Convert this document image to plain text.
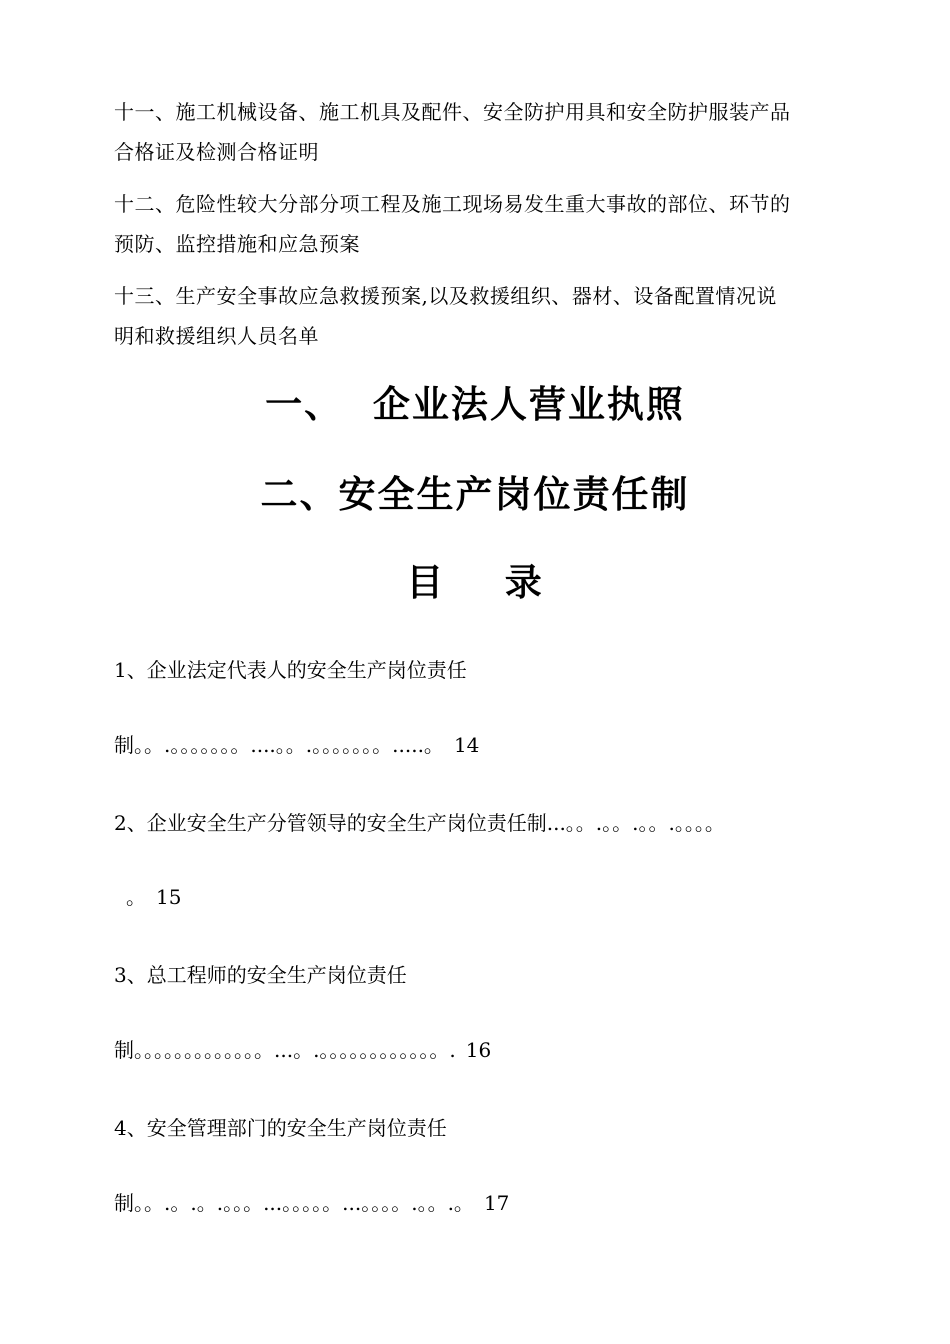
十一、施工机械设备、施工机具及配件、安全防护用具和安全防护服装产品
合格证及检测合格证明

十二、危险性较大分部分项工程及施工现场易发生重大事故的部位、环节的
预防、监控措施和应急预案

十三、生产安全事故应急救援预案,以及救援组织、器材、设备配置情况说
明和救援组织人员名单

一、  企业法人营业执照
二、安全生产岗位责任制
目    录

1、企业法定代表人的安全生产岗位责任

制。。.。。。。。。。....。。.。。。。。。。.....。 14

2、企业安全生产分管领导的安全生产岗位责任制...。。.。。.。。.。。。。

。 15

3、总工程师的安全生产岗位责任

制。。。。。。。。。。。。。...。.。。。。。。。。。。。。. 16

4、安全管理部门的安全生产岗位责任

制。。.。.。.。。。...。。。。。...。。。。.。。.。 17
